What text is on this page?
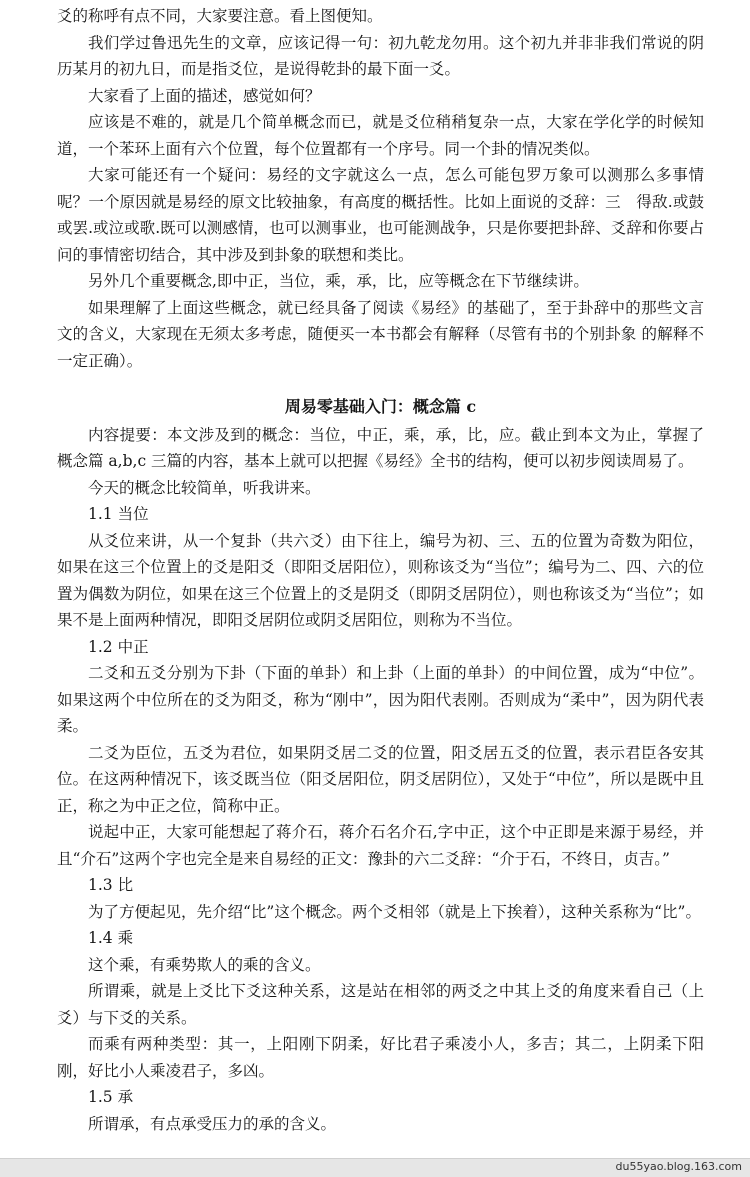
爻的称呼有点不同，大家要注意。看上图便知。

我们学过鲁迅先生的文章，应该记得一句：初九乾龙勿用。这个初九并非非我们常说的阴历某月的初九日，而是指爻位，是说得乾卦的最下面一爻。

大家看了上面的描述，感觉如何？

应该是不难的，就是几个简单概念而已，就是爻位稍稍复杂一点，大家在学化学的时候知道，一个苯环上面有六个位置，每个位置都有一个序号。同一个卦的情况类似。

大家可能还有一个疑问：易经的文字就这么一点，怎么可能包罗万象可以测那么多事情呢？一个原因就是易经的原文比较抽象，有高度的概括性。比如上面说的爻辞：三　得敌.或鼓或罢.或泣或歌.既可以测感情，也可以测事业，也可能测战争，只是你要把卦辞、爻辞和你要占问的事情密切结合，其中涉及到卦象的联想和类比。

另外几个重要概念,即中正，当位，乘，承，比，应等概念在下节继续讲。

如果理解了上面这些概念，就已经具备了阅读《易经》的基础了，至于卦辞中的那些文言文的含义，大家现在无须太多考虑，随便买一本书都会有解释（尽管有书的个别卦象 的解释不一定正确）。

周易零基础入门：概念篇 c

内容提要：本文涉及到的概念：当位，中正，乘，承，比，应。截止到本文为止，掌握了概念篇 a,b,c 三篇的内容，基本上就可以把握《易经》全书的结构，便可以初步阅读周易了。

今天的概念比较简单，听我讲来。

1.1 当位

从爻位来讲，从一个复卦（共六爻）由下往上，编号为初、三、五的位置为奇数为阳位，如果在这三个位置上的爻是阳爻（即阳爻居阳位），则称该爻为“当位”；编号为二、四、六的位置为偶数为阴位，如果在这三个位置上的爻是阴爻（即阴爻居阴位），则也称该爻为“当位”；如果不是上面两种情况，即阳爻居阴位或阴爻居阳位，则称为不当位。

1.2 中正

二爻和五爻分别为下卦（下面的单卦）和上卦（上面的单卦）的中间位置，成为“中位”。如果这两个中位所在的爻为阳爻，称为“刚中”，因为阳代表刚。否则成为“柔中”，因为阴代表柔。

二爻为臣位，五爻为君位，如果阴爻居二爻的位置，阳爻居五爻的位置，表示君臣各安其位。在这两种情况下，该爻既当位（阳爻居阳位，阴爻居阴位），又处于“中位”，所以是既中且正，称之为中正之位，简称中正。

说起中正，大家可能想起了蒋介石，蒋介石名介石,字中正，这个中正即是来源于易经，并且“介石”这两个字也完全是来自易经的正文：豫卦的六二爻辞：“介于石，不终日，贞吉。”

1.3 比

为了方便起见，先介绍“比”这个概念。两个爻相邻（就是上下挨着），这种关系称为“比”。

1.4 乘

这个乘，有乘势欺人的乘的含义。

所谓乘，就是上爻比下爻这种关系，这是站在相邻的两爻之中其上爻的角度来看自己（上爻）与下爻的关系。

而乘有两种类型：其一，上阳刚下阴柔，好比君子乘凌小人，多吉；其二，上阴柔下阳刚，好比小人乘凌君子，多凶。

1.5 承

所谓承，有点承受压力的承的含义。

du55yao.blog.163.com
